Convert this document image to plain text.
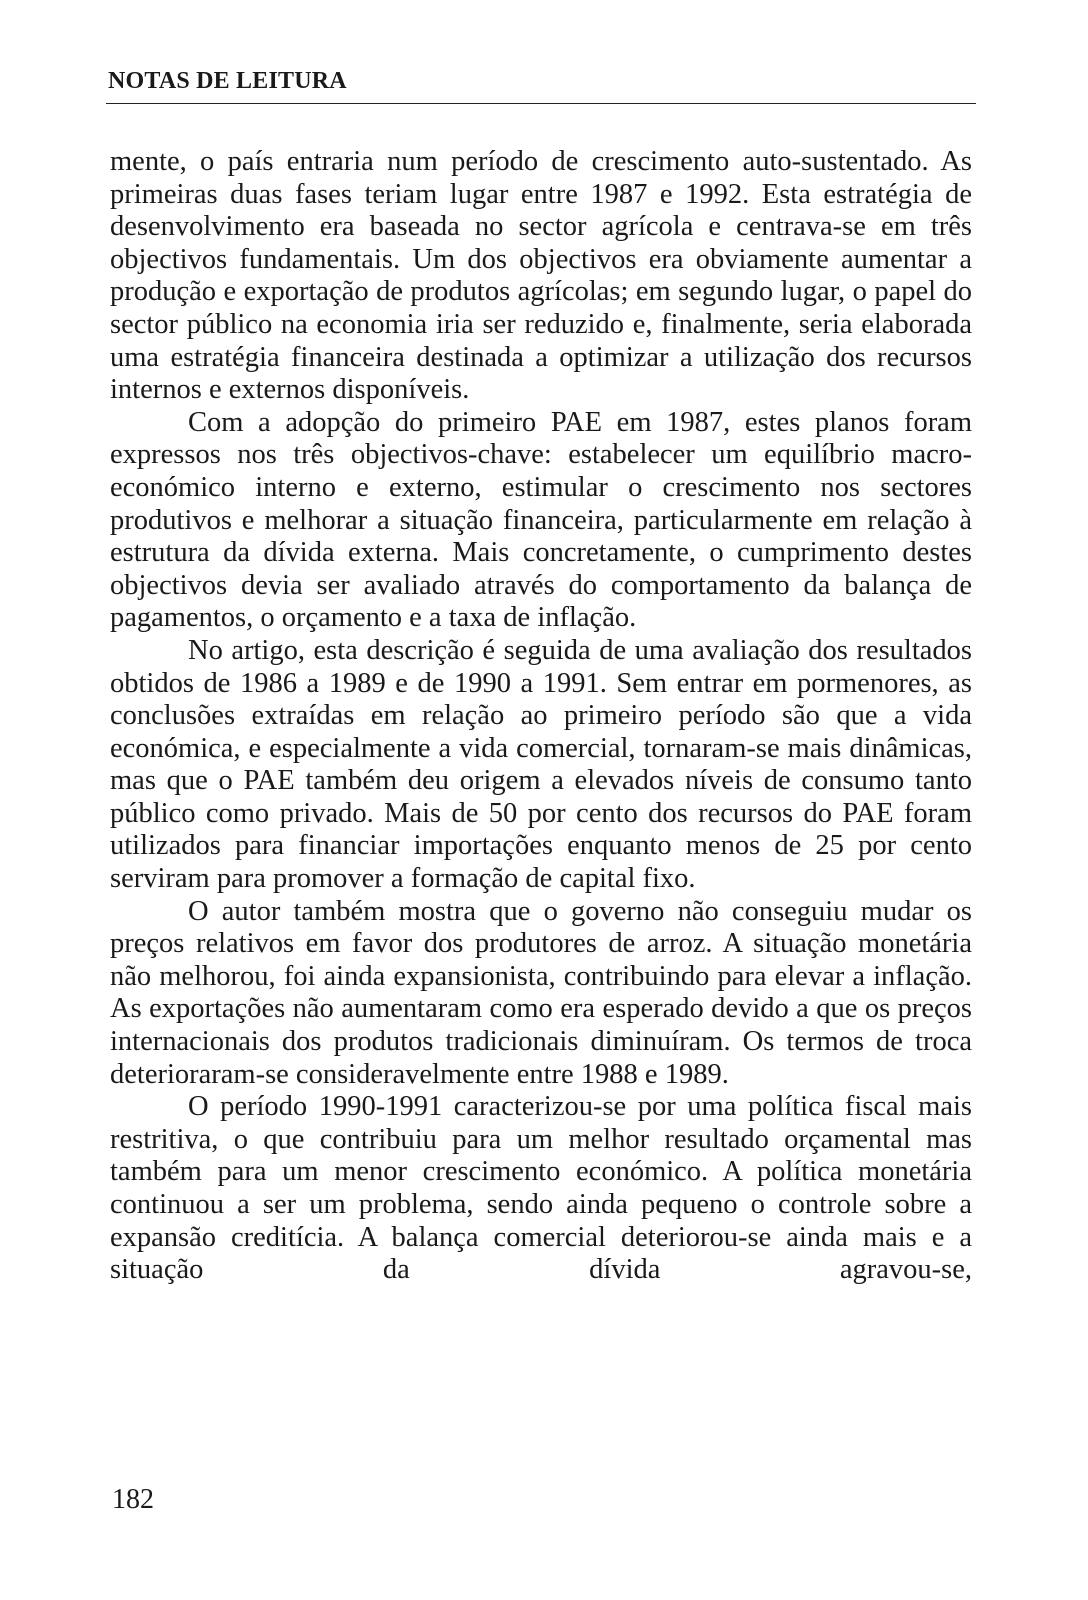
NOTAS DE LEITURA

mente, o país entraria num período de crescimento auto-sustentado. As primeiras duas fases teriam lugar entre 1987 e 1992. Esta estratégia de desenvolvimento era baseada no sector agrícola e centrava-se em três objectivos fundamentais. Um dos objectivos era obviamente aumentar a produção e exportação de produtos agrícolas; em segundo lugar, o papel do sector público na economia iria ser reduzido e, finalmente, seria elaborada uma estratégia financeira destinada a optimizar a utilização dos recursos internos e externos disponíveis.

Com a adopção do primeiro PAE em 1987, estes planos foram expressos nos três objectivos-chave: estabelecer um equilíbrio macro-económico interno e externo, estimular o crescimento nos sectores produtivos e melhorar a situação financeira, particularmente em relação à estrutura da dívida externa. Mais concretamente, o cumprimento destes objectivos devia ser avaliado através do comportamento da balança de pagamentos, o orçamento e a taxa de inflação.

No artigo, esta descrição é seguida de uma avaliação dos resultados obtidos de 1986 a 1989 e de 1990 a 1991. Sem entrar em pormenores, as conclusões extraídas em relação ao primeiro período são que a vida económica, e especialmente a vida comercial, tornaram-se mais dinâmicas, mas que o PAE também deu origem a elevados níveis de consumo tanto público como privado. Mais de 50 por cento dos recursos do PAE foram utilizados para financiar importações enquanto menos de 25 por cento serviram para promover a formação de capital fixo.

O autor também mostra que o governo não conseguiu mudar os preços relativos em favor dos produtores de arroz. A situação monetária não melhorou, foi ainda expansionista, contribuindo para elevar a inflação. As exportações não aumentaram como era esperado devido a que os preços internacionais dos produtos tradicionais diminuíram. Os termos de troca deterioraram-se consideravelmente entre 1988 e 1989.

O período 1990-1991 caracterizou-se por uma política fiscal mais restritiva, o que contribuiu para um melhor resultado orçamental mas também para um menor crescimento económico. A política monetária continuou a ser um problema, sendo ainda pequeno o controle sobre a expansão creditícia. A balança comercial deteriorou-se ainda mais e a situação da dívida agravou-se,

182
